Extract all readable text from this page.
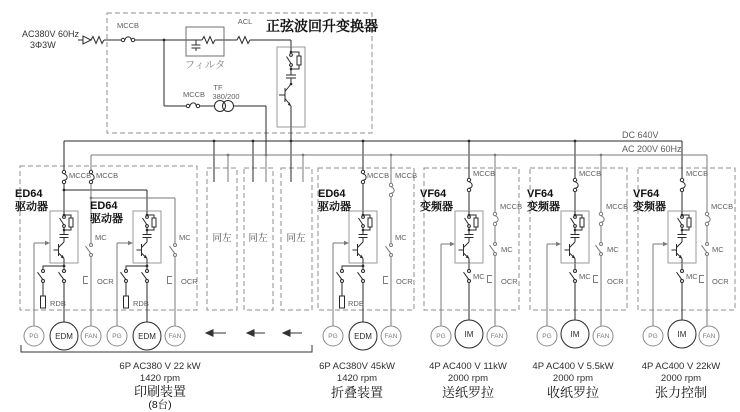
AC380V 60Hz
3Φ3W
MCCB
フィルタ
ACL 正弦波回升变换器
MCCB
TF
380/200
DC 640V
AC 200V 60Hz
MCCB MCCB
ED64
驱动器	ED64
驱动器
MC	MC
OCR	OCR
RDB	RDB
PG EDM FAN PG EDM FAN
同左 同左 同左
MCCB MCCB
ED64
驱动器
MC
OCR
RDB
PG EDM FAN
MCCB	MCCB	MCCB
VF64
变频器
VF64
变频器
VF64
变频器
MCCB	MCCB	MCCB
MC	MC	MC
MC	MC	MC
OCR	OCR	OCR
PG IM	FAN	PG IM	FAN	PG IM FAN
6P AC380 V 22 kW
1420 rpm
印刷装置
(8台)
6P AC380V 45kW
1420 rpm
折叠装置
4P AC400 V 11kW
2000 rpm
送纸罗拉
4P AC400 V 5.5kW
2000 rpm
收纸罗拉
4P AC400 V 22kW
2000 rpm
张力控制
